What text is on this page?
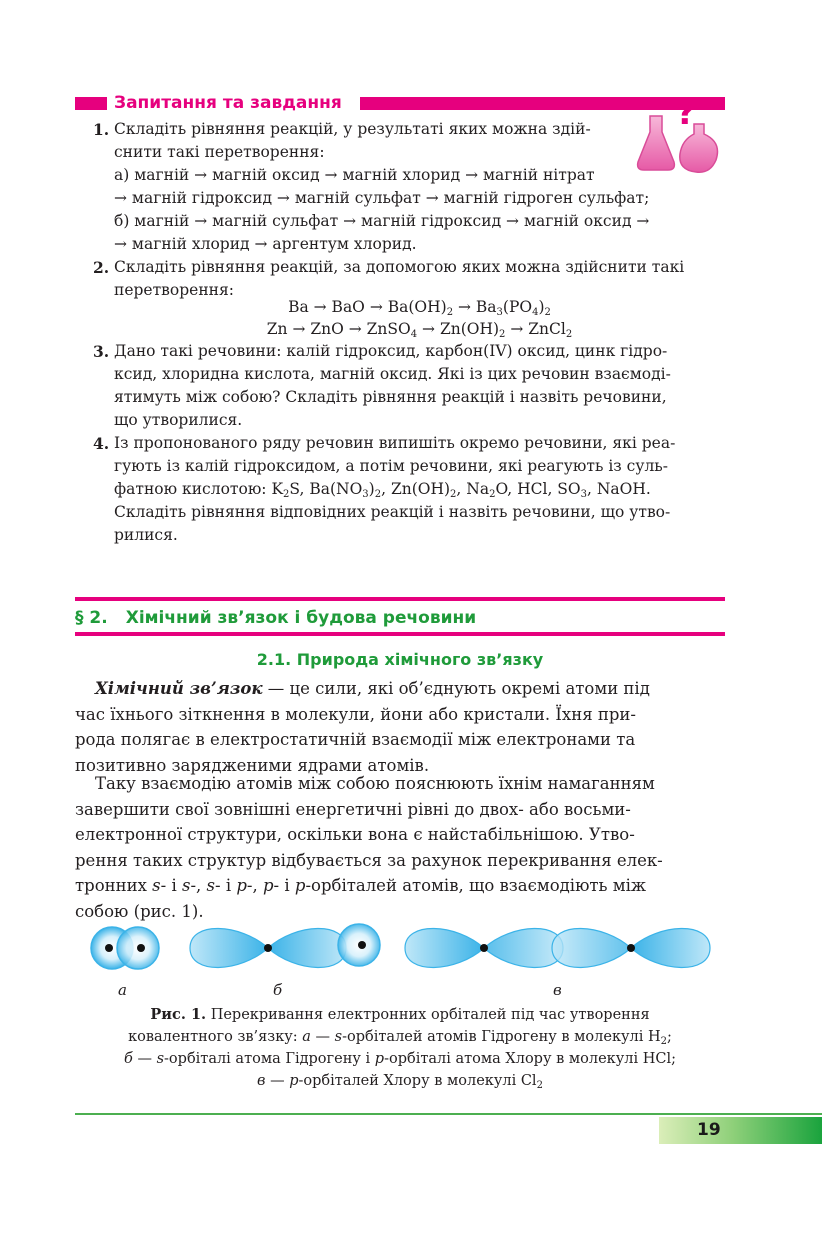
Запитання та завдання	?
1. Складіть рівняння реакцій, у результаті яких можна здій-
снити такі перетворення:
а) магній → магній оксид → магній хлорид → магній нітрат
→ магній гідроксид → магній сульфат → магній гідроген сульфат;
б) магній → магній сульфат → магній гідроксид → магній оксид →
→ магній хлорид → аргентум хлорид.
2. Складіть рівняння реакцій, за допомогою яких можна здійснити такі
перетворення:
Ba → BaO → $Ba(OH)_2 \to Ba_3(PO_4)_2$
Zn → ZnO → ZnSO$_4$ → $Zn(OH)_2$ → ZnCl$_2$
3. Дано такі речовини: калій гідроксид, карбон(IV) оксид, цинк гідро-
ксид, хлоридна кислота, магній оксид. Які із цих речовин взаємоді-
ятимуть між собою? Складіть рівняння реакцій і назвіть речовини,
що утворилися.
4. Із пропонованого ряду речовин випишіть окремо речовини, які реа-
гують із калій гідроксидом, а потім речовини, які реагують із суль-
фатною кислотою: $K_2S$, $Ba(NO_3)_2$, $Zn(OH)_2$, $Na_2O$, HCl, $SO_3$, NaOH.
Складіть рівняння відповідних реакцій і назвіть речовини, що утво-
рилися.
§ 2. Хімічний зв’язок і будова речовини
2.1. Природа хімічного зв’язку
Хімічний зв’язок — це сили, які об’єднують окремі атоми під
час їхнього зіткнення в молекули, йони або кристали. Їхня при-
рода полягає в електростатичній взаємодії між електронами та
позитивно зарядженими ядрами атомів.
Таку взаємодію атомів між собою пояснюють їхнім намаганням
завершити свої зовнішні енергетичні рівні до двох- або восьми-
електронної структури, оскільки вона є найстабільнішою. Утво-
рення таких структур відбувається за рахунок перекривання елек-
тронних s- і s-, s- і p-, p- і p-орбіталей атомів, що взаємодіють між
собою (рис. 1).
а	б	в
Рис. 1. Перекривання електронних орбіталей під час утворення
ковалентного зв’язку: а — s-орбіталей атомів Гідрогену в молекулі $H_2$;
б — s-орбіталі атома Гідрогену і p-орбіталі атома Хлору в молекулі HCl;
в — p-орбіталей Хлору в молекулі $Cl_2$
19
